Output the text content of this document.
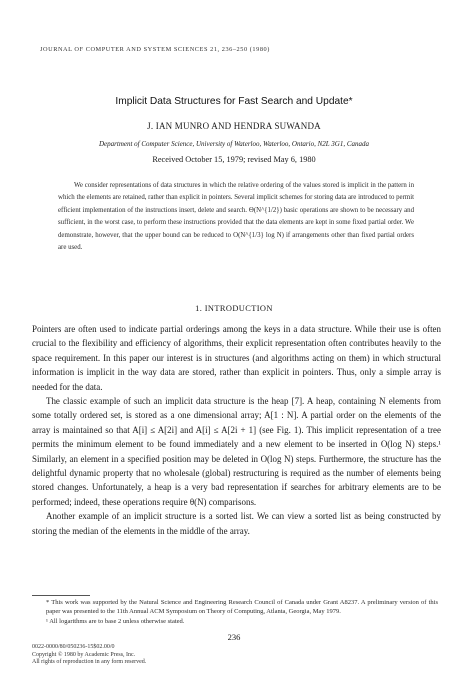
JOURNAL OF COMPUTER AND SYSTEM SCIENCES 21, 236–250 (1980)
Implicit Data Structures for Fast Search and Update*
J. IAN MUNRO AND HENDRA SUWANDA
Department of Computer Science, University of Waterloo, Waterloo, Ontario, N2L 3G1, Canada
Received October 15, 1979; revised May 6, 1980

We consider representations of data structures in which the relative ordering of the values stored is implicit in the pattern in which the elements are retained, rather than explicit in pointers. Several implicit schemes for storing data are introduced to permit efficient implementation of the instructions insert, delete and search. Θ(N^{1/2}) basic operations are shown to be necessary and sufficient, in the worst case, to perform these instructions provided that the data elements are kept in some fixed partial order. We demonstrate, however, that the upper bound can be reduced to O(N^{1/3} log N) if arrangements other than fixed partial orders are used.

1. INTRODUCTION

Pointers are often used to indicate partial orderings among the keys in a data structure. While their use is often crucial to the flexibility and efficiency of algorithms, their explicit representation often contributes heavily to the space requirement. In this paper our interest is in structures (and algorithms acting on them) in which structural information is implicit in the way data are stored, rather than explicit in pointers. Thus, only a simple array is needed for the data.

The classic example of such an implicit data structure is the heap [7]. A heap, containing N elements from some totally ordered set, is stored as a one dimensional array; A[1 : N]. A partial order on the elements of the array is maintained so that A[i] ≤ A[2i] and A[i] ≤ A[2i + 1] (see Fig. 1). This implicit representation of a tree permits the minimum element to be found immediately and a new element to be inserted in O(log N) steps.¹ Similarly, an element in a specified position may be deleted in O(log N) steps. Furthermore, the structure has the delightful dynamic property that no wholesale (global) restructuring is required as the number of elements being stored changes. Unfortunately, a heap is a very bad representation if searches for arbitrary elements are to be performed; indeed, these operations require θ(N) comparisons.

Another example of an implicit structure is a sorted list. We can view a sorted list as being constructed by storing the median of the elements in the middle of the array.

* This work was supported by the Natural Science and Engineering Research Council of Canada under Grant A8237. A preliminary version of this paper was presented to the 11th Annual ACM Symposium on Theory of Computing, Atlanta, Georgia, May 1979.

¹ All logarithms are to base 2 unless otherwise stated.

236

0022-0000/80/050236-15$02.00/0

Copyright © 1980 by Academic Press, Inc.

All rights of reproduction in any form reserved.
